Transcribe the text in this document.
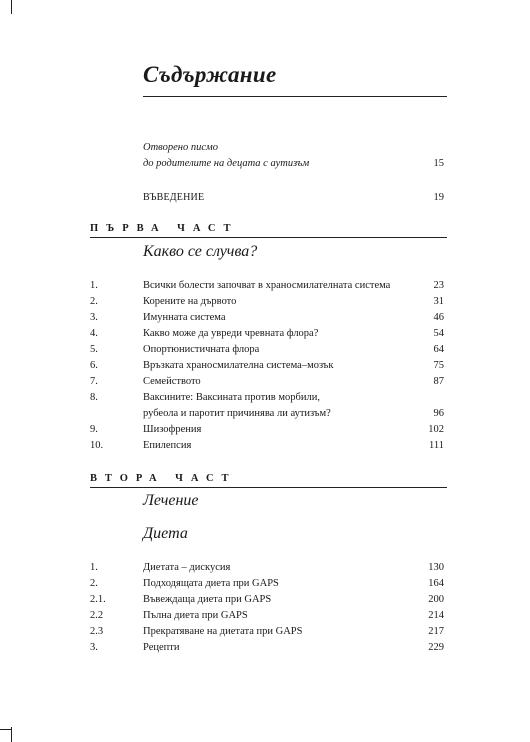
Съдържание
Отворено писмо
до родителите на децата с аутизъм	15
ВЪВЕДЕНИЕ	19
ПЪРВА ЧАСТ
Какво се случва?
1.	Всички болести започват в храносмилателната система	23
2.	Корените на дървото	31
3.	Имунната система	46
4.	Какво може да увреди чревната флора?	54
5.	Опортюнистичната флора	64
6.	Връзката храносмилателна система–мозък	75
7.	Семейството	87
8.	Ваксините: Ваксината против морбили,
рубеола и паротит причинява ли аутизъм?	96
9.	Шизофрения	102
10.	Епилепсия	111
ВТОРА ЧАСТ
Лечение
Диета
1.	Диетата – дискусия	130
2.	Подходящата диета при GAPS	164
2.1.	Въвеждаща диета при GAPS	200
2.2	Пълна диета при GAPS	214
2.3	Прекратяване на диетата при GAPS	217
3.	Рецепти	229
